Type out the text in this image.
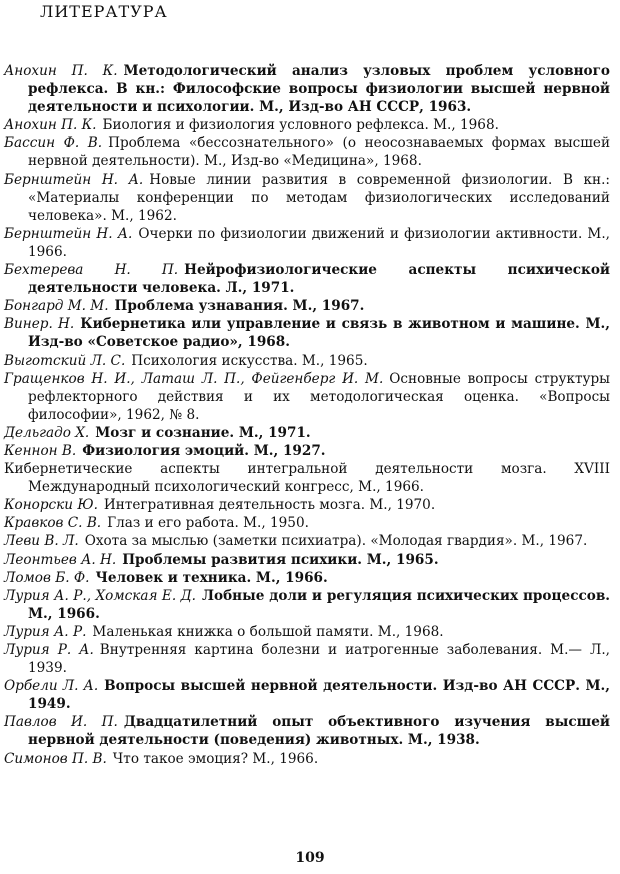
ЛИТЕРАТУРА
Анохин П. К. Методологический анализ узловых проблем условного рефлекса. В кн.: Философские вопросы физиологии высшей нервной деятельности и психологии. М., Изд-во АН СССР, 1963.
Анохин П. К. Биология и физиология условного рефлекса. М., 1968.
Бассин Ф. В. Проблема «бессознательного» (о неосознаваемых формах высшей нервной деятельности). М., Изд-во «Медицина», 1968.
Бернштейн Н. А. Новые линии развития в современной физиологии. В кн.: «Материалы конференции по методам физиологических исследований человека». М., 1962.
Бернштейн Н. А. Очерки по физиологии движений и физиологии активности. М., 1966.
Бехтерева Н. П. Нейрофизиологические аспекты психической деятельности человека. Л., 1971.
Бонгард М. М. Проблема узнавания. М., 1967.
Винер. Н. Кибернетика или управление и связь в животном и машине. М., Изд-во «Советское радио», 1968.
Выготский Л. С. Психология искусства. М., 1965.
Гращенков Н. И., Латаш Л. П., Фейгенберг И. М. Основные вопросы структуры рефлекторного действия и их методологическая оценка. «Вопросы философии», 1962, № 8.
Дельгадо Х. Мозг и сознание. М., 1971.
Кеннон В. Физиология эмоций. М., 1927.
Кибернетические аспекты интегральной деятельности мозга. XVIII Международный психологический конгресс, М., 1966.
Конорски Ю. Интегративная деятельность мозга. М., 1970.
Кравков С. В. Глаз и его работа. М., 1950.
Леви В. Л. Охота за мыслью (заметки психиатра). «Молодая гвардия». М., 1967.
Леонтьев А. Н. Проблемы развития психики. М., 1965.
Ломов Б. Ф. Человек и техника. М., 1966.
Лурия А. Р., Хомская Е. Д. Лобные доли и регуляция психических процессов. М., 1966.
Лурия А. Р. Маленькая книжка о большой памяти. М., 1968.
Лурия Р. А. Внутренняя картина болезни и иатрогенные заболевания. М.— Л., 1939.
Орбели Л. А. Вопросы высшей нервной деятельности. Изд-во АН СССР. М., 1949.
Павлов И. П. Двадцатилетний опыт объективного изучения высшей нервной деятельности (поведения) животных. М., 1938.
Симонов П. В. Что такое эмоция? М., 1966.
109
